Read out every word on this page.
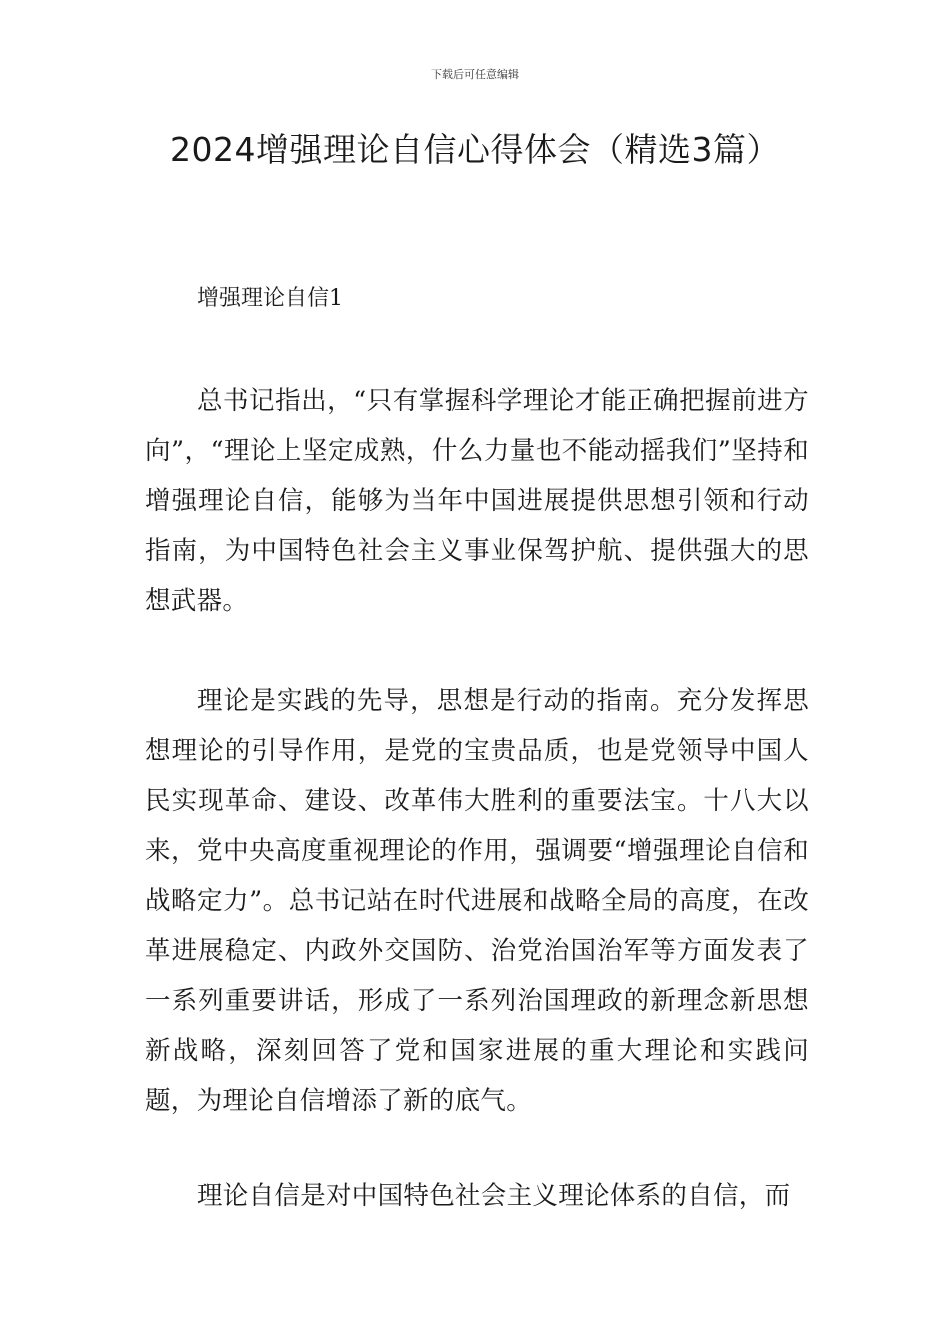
下载后可任意编辑
2024增强理论自信心得体会（精选3篇）
增强理论自信1

总书记指出，“只有掌握科学理论才能正确把握前进方向”，“理论上坚定成熟，什么力量也不能动摇我们”坚持和增强理论自信，能够为当年中国进展提供思想引领和行动指南，为中国特色社会主义事业保驾护航、提供强大的思想武器。

理论是实践的先导，思想是行动的指南。充分发挥思想理论的引导作用，是党的宝贵品质，也是党领导中国人民实现革命、建设、改革伟大胜利的重要法宝。十八大以来，党中央高度重视理论的作用，强调要“增强理论自信和战略定力”。总书记站在时代进展和战略全局的高度，在改革进展稳定、内政外交国防、治党治国治军等方面发表了一系列重要讲话，形成了一系列治国理政的新理念新思想新战略，深刻回答了党和国家进展的重大理论和实践问题，为理论自信增添了新的底气。

理论自信是对中国特色社会主义理论体系的自信，而
